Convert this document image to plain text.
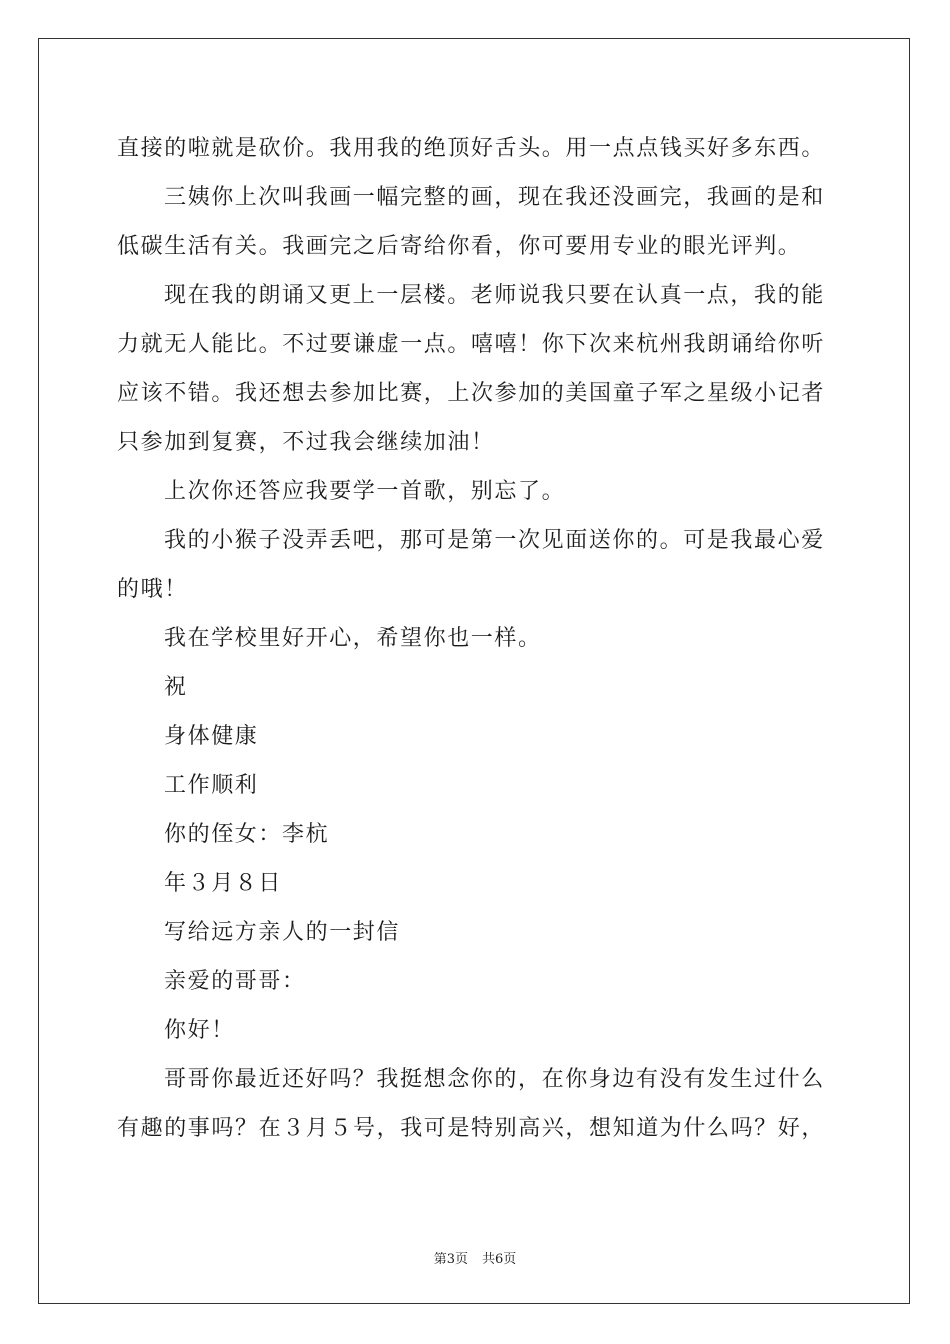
直接的啦就是砍价。我用我的绝顶好舌头。用一点点钱买好多东西。
三姨你上次叫我画一幅完整的画，现在我还没画完，我画的是和
低碳生活有关。我画完之后寄给你看，你可要用专业的眼光评判。
现在我的朗诵又更上一层楼。老师说我只要在认真一点，我的能
力就无人能比。不过要谦虚一点。嘻嘻！你下次来杭州我朗诵给你听
应该不错。我还想去参加比赛，上次参加的美国童子军之星级小记者
只参加到复赛，不过我会继续加油！
上次你还答应我要学一首歌，别忘了。
我的小猴子没弄丢吧，那可是第一次见面送你的。可是我最心爱
的哦！
我在学校里好开心，希望你也一样。
祝
身体健康
工作顺利
你的侄女：李杭
年３月８日
写给远方亲人的一封信
亲爱的哥哥：
你好！
哥哥你最近还好吗？我挺想念你的，在你身边有没有发生过什么
有趣的事吗？在３月５号，我可是特别高兴，想知道为什么吗？好，
第3页 共6页
